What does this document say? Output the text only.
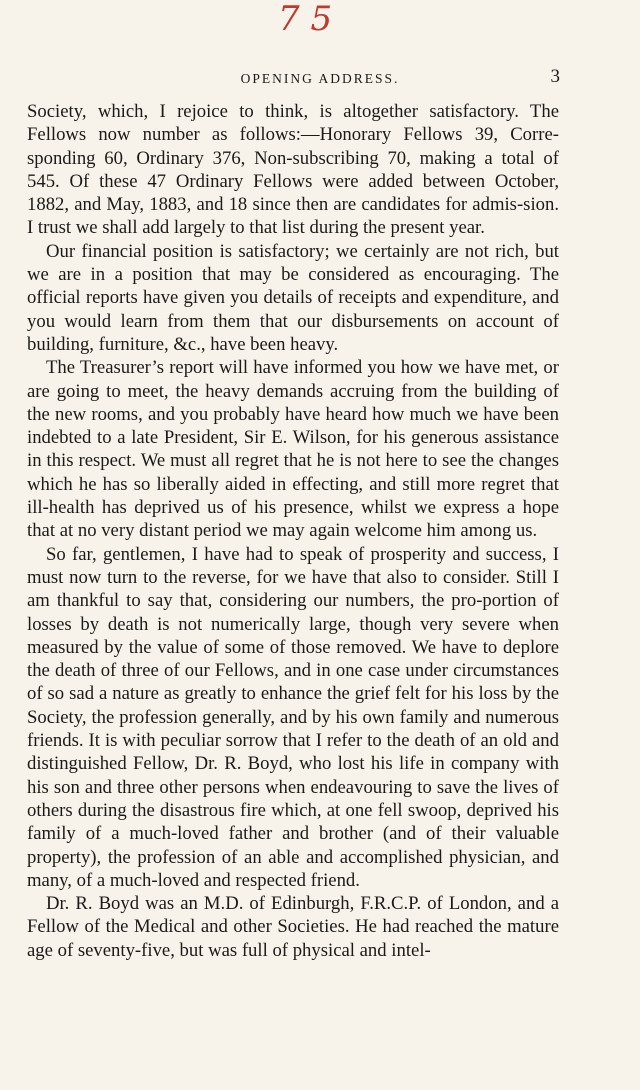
7 5
OPENING ADDRESS.	3

Society, which, I rejoice to think, is altogether satisfactory. The Fellows now number as follows:—Honorary Fellows 39, Corre-sponding 60, Ordinary 376, Non-subscribing 70, making a total of 545. Of these 47 Ordinary Fellows were added between October, 1882, and May, 1883, and 18 since then are candidates for admis-sion. I trust we shall add largely to that list during the present year.

Our financial position is satisfactory; we certainly are not rich, but we are in a position that may be considered as encouraging. The official reports have given you details of receipts and expenditure, and you would learn from them that our disbursements on account of building, furniture, &c., have been heavy.

The Treasurer’s report will have informed you how we have met, or are going to meet, the heavy demands accruing from the building of the new rooms, and you probably have heard how much we have been indebted to a late President, Sir E. Wilson, for his generous assistance in this respect. We must all regret that he is not here to see the changes which he has so liberally aided in effecting, and still more regret that ill-health has deprived us of his presence, whilst we express a hope that at no very distant period we may again welcome him among us.

So far, gentlemen, I have had to speak of prosperity and success, I must now turn to the reverse, for we have that also to consider. Still I am thankful to say that, considering our numbers, the pro-portion of losses by death is not numerically large, though very severe when measured by the value of some of those removed. We have to deplore the death of three of our Fellows, and in one case under circumstances of so sad a nature as greatly to enhance the grief felt for his loss by the Society, the profession generally, and by his own family and numerous friends. It is with peculiar sorrow that I refer to the death of an old and distinguished Fellow, Dr. R. Boyd, who lost his life in company with his son and three other persons when endeavouring to save the lives of others during the disastrous fire which, at one fell swoop, deprived his family of a much-loved father and brother (and of their valuable property), the profession of an able and accomplished physician, and many, of a much-loved and respected friend.

Dr. R. Boyd was an M.D. of Edinburgh, F.R.C.P. of London, and a Fellow of the Medical and other Societies. He had reached the mature age of seventy-five, but was full of physical and intel-
